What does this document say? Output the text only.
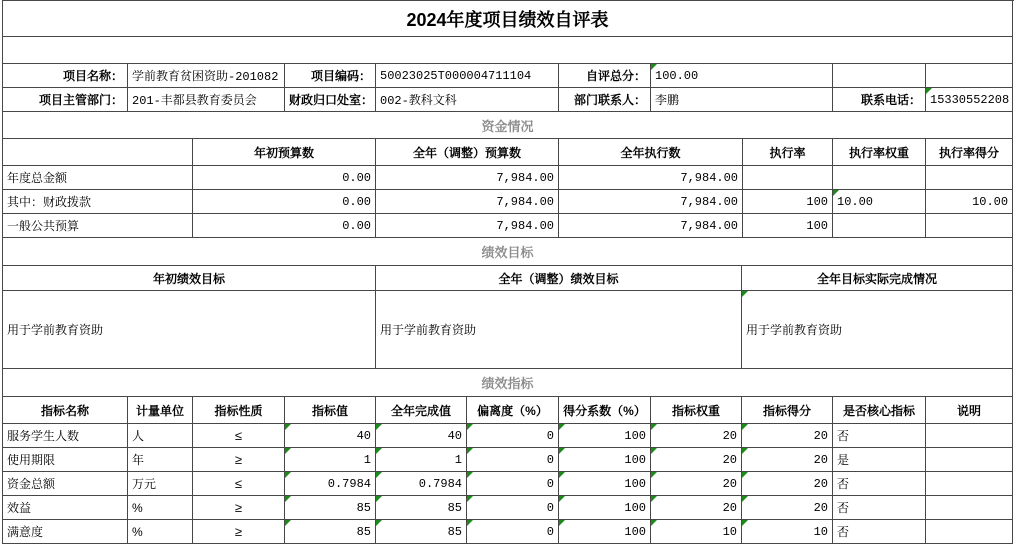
2024年度项目绩效自评表							

项目名称：	学前教育贫困资助-201082	项目编码：	50023025T000004711104	自评总分：	100.00

项目主管部门：	201-丰都县教育委员会	财政归口处室：	002-教科文科	部门联系人：	李鹏	联系电话：	15330552208
资金情况						
	年初预算数	全年（调整）预算数	全年执行数	执行率	执行率权重	执行率得分
年度总金额	0.00	7,984.00	7,984.00			
其中：财政拨款	0.00	7,984.00	7,984.00	100	10.00	10.00
一般公共预算	0.00	7,984.00	7,984.00	100		
绩效目标		
年初绩效目标	全年（调整）绩效目标	全年目标实际完成情况
用于学前教育资助	用于学前教育资助	用于学前教育资助
绩效指标										
指标名称	计量单位	指标性质	指标值	全年完成值	偏离度（%）	得分系数（%）	指标权重	指标得分	是否核心指标	说明
服务学生人数	人	≤	40	40	0	100	20	20	否	
使用期限	年	≥	1	1	0	100	20	20	是	
资金总额	万元	≤	0.7984	0.7984	0	100	20	20	否	
效益	%	≥	85	85	0	100	20	20	否	
满意度	%	≥	85	85	0	100	10	10	否	
